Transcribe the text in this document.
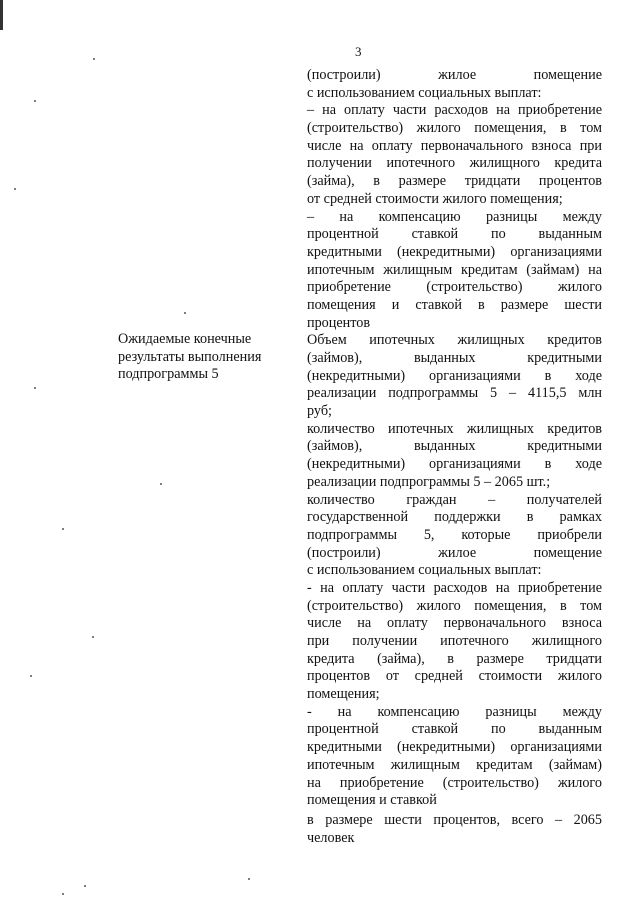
3
Ожидаемые конечные
результаты выполнения
подпрограммы 5
(построили) жилое помещение
с использованием социальных выплат:
– на оплату части расходов на приобретение
(строительство) жилого помещения, в том
числе на оплату первоначального взноса при
получении ипотечного жилищного кредита
(займа), в размере тридцати процентов
от средней стоимости жилого помещения;
– на компенсацию разницы между
процентной ставкой по выданным
кредитными (некредитными) организациями
ипотечным жилищным кредитам (займам) на
приобретение (строительство) жилого
помещения и ставкой в размере шести
процентов
Объем ипотечных жилищных кредитов
(займов), выданных кредитными
(некредитными) организациями в ходе
реализации подпрограммы 5 – 4115,5 млн
руб;
количество ипотечных жилищных кредитов
(займов), выданных кредитными
(некредитными) организациями в ходе
реализации подпрограммы 5 – 2065 шт.;
количество граждан – получателей
государственной поддержки в рамках
подпрограммы 5, которые приобрели
(построили) жилое помещение
с использованием социальных выплат:
- на оплату части расходов на приобретение
(строительство) жилого помещения, в том
числе на оплату первоначального взноса
при получении ипотечного жилищного
кредита (займа), в размере тридцати
процентов от средней стоимости жилого
помещения;
- на компенсацию разницы между
процентной ставкой по выданным
кредитными (некредитными) организациями
ипотечным жилищным кредитам (займам)
на приобретение (строительство) жилого
помещения и ставкой
в размере шести процентов, всего – 2065
человек
